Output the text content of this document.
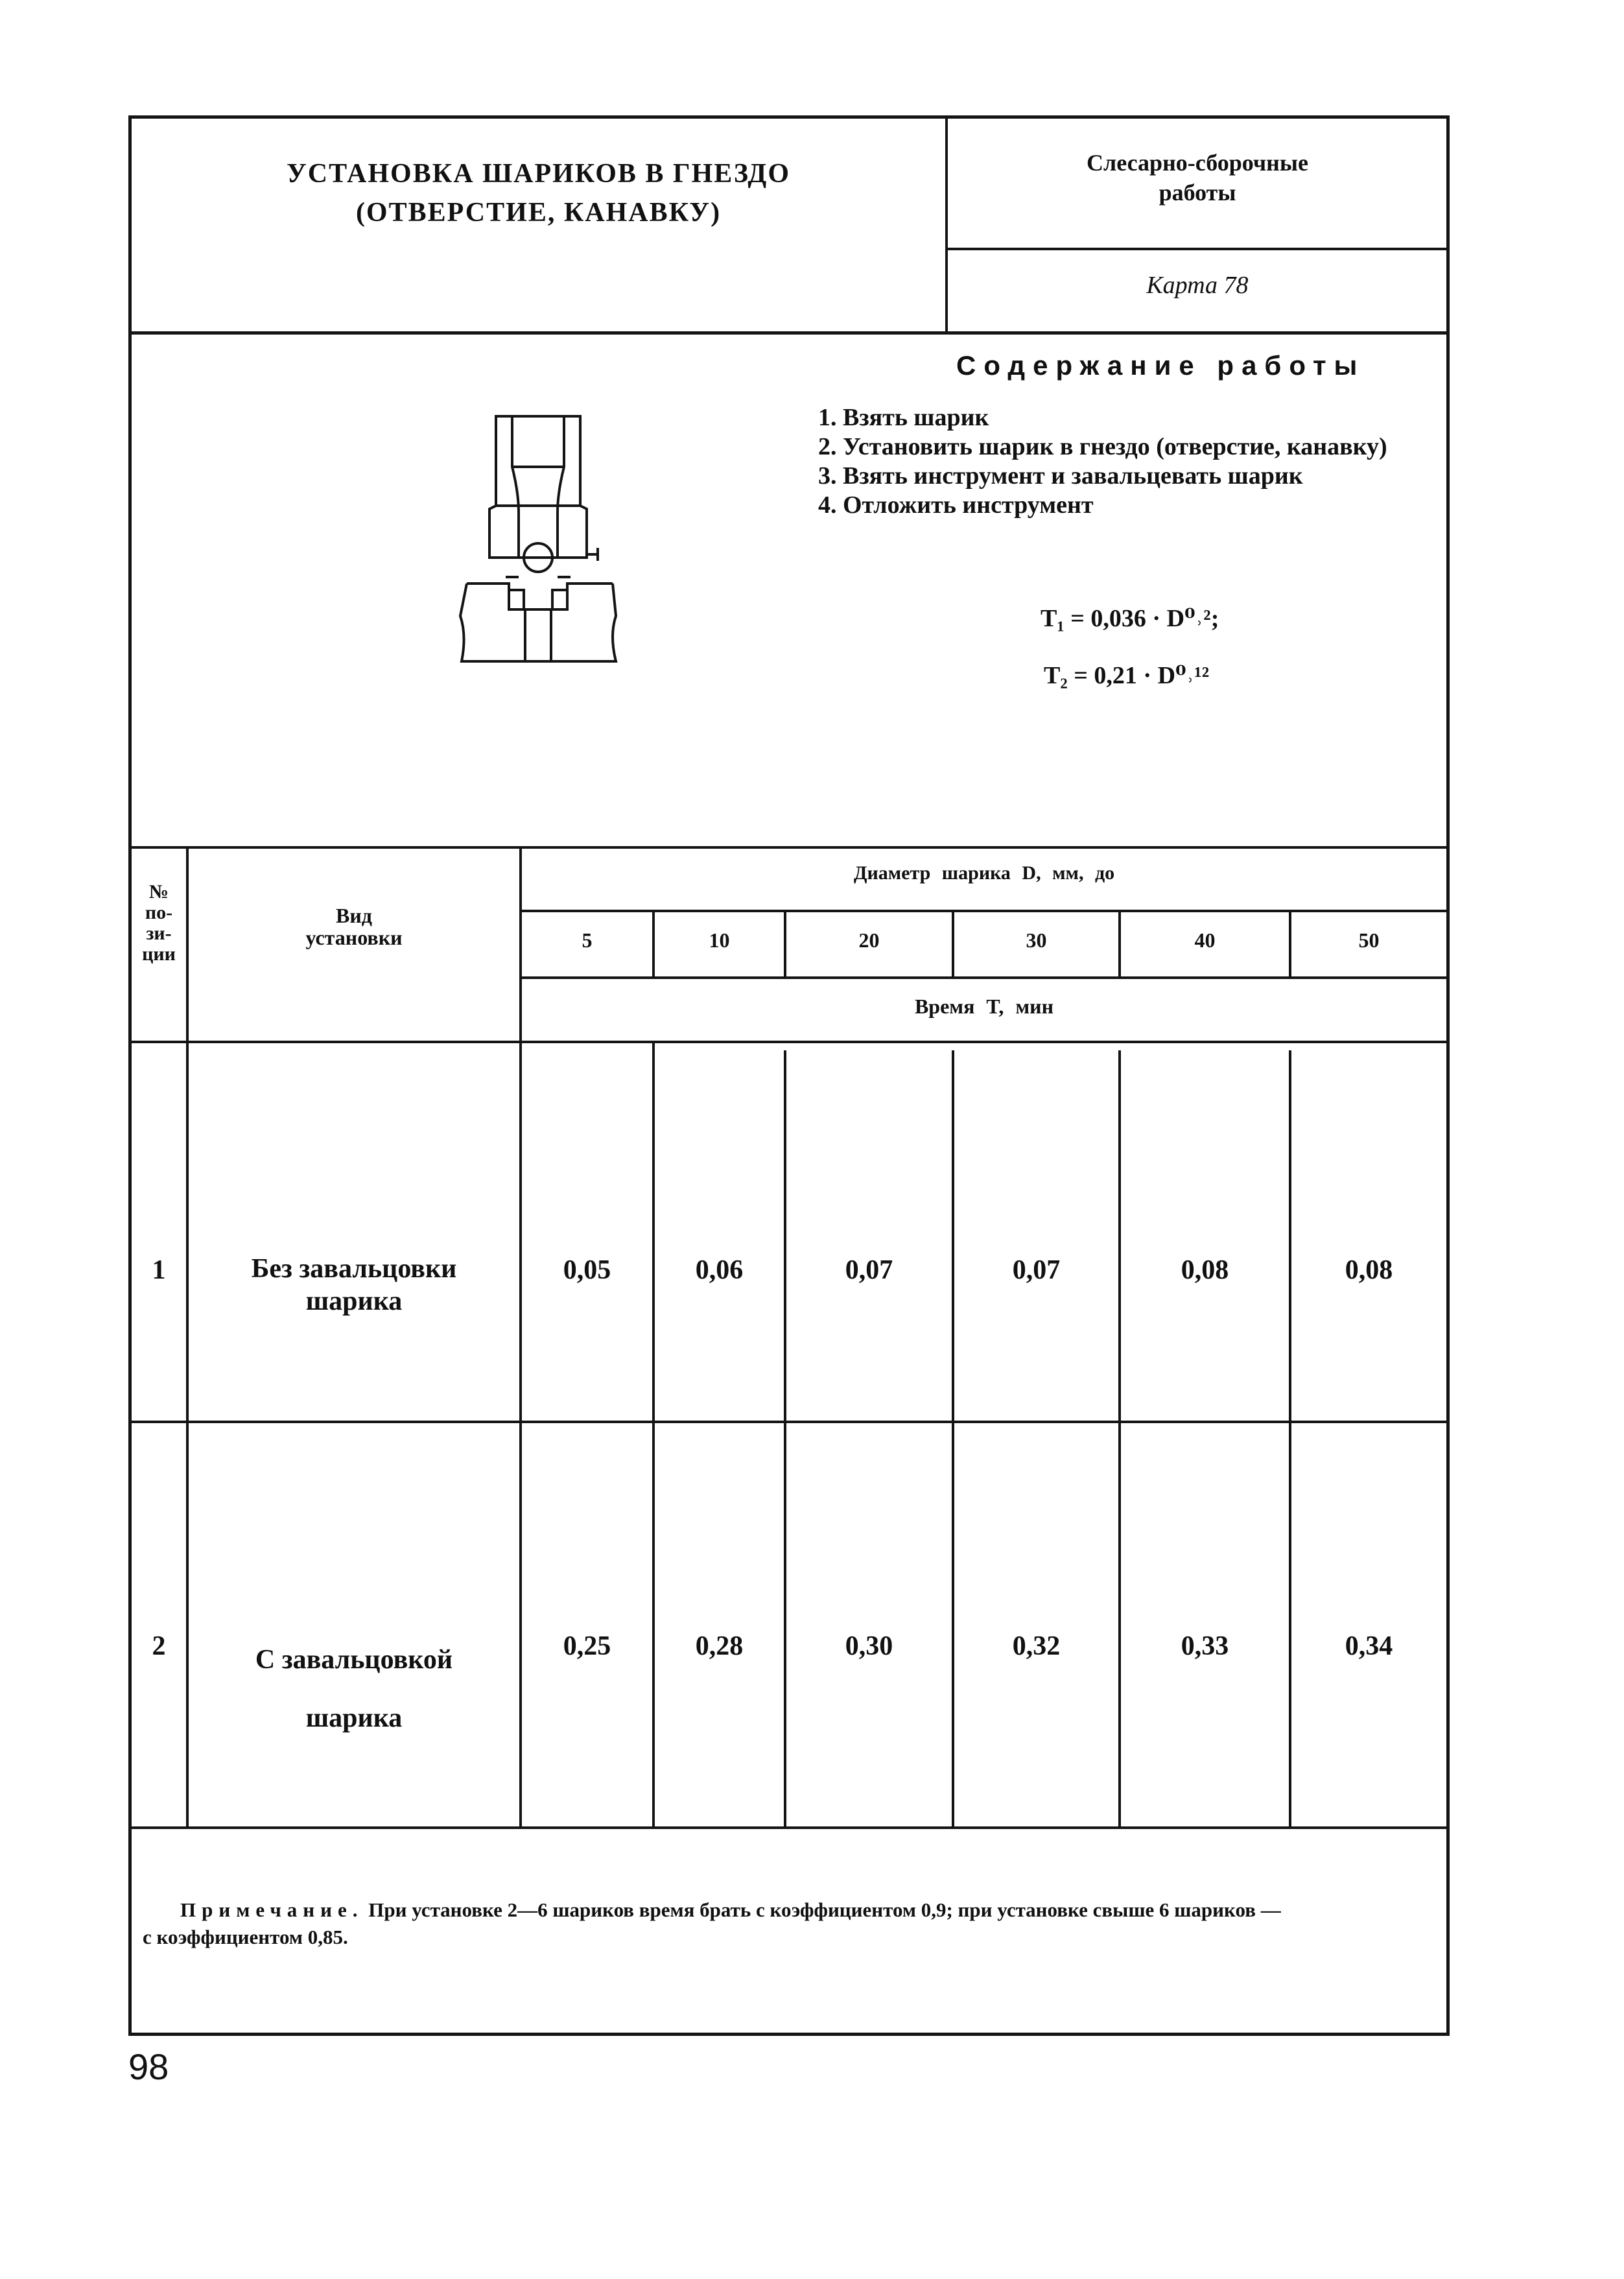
УСТАНОВКА ШАРИКОВ В ГНЕЗДО
(ОТВЕРСТИЕ, КАНАВКУ)
Слесарно-сборочные
работы
Карта 78
Содержание работы
1. Взять шарик
2. Установить шарик в гнездо (отверстие, канавку)
3. Взять инструмент и завальцевать шарик
4. Отложить инструмент
T₁ = 0,036 · D⁰˒²;
T₂ = 0,21 · D⁰˒¹²
№
по-
зи-
ции
Вид
установки
Диаметр шарика D, мм, до
5	10	20	30	40	50
Время T, мин
1	Без завальцовки
шарика
0,05	0,06	0,07	0,07	0,08	0,08
2	С завальцовкой
шарика
0,25	0,28	0,30	0,32	0,33	0,34
Примечание. При установке 2—6 шариков время брать с коэффициентом 0,9; при установке свыше 6 шариков —
с коэффициентом 0,85.
98
